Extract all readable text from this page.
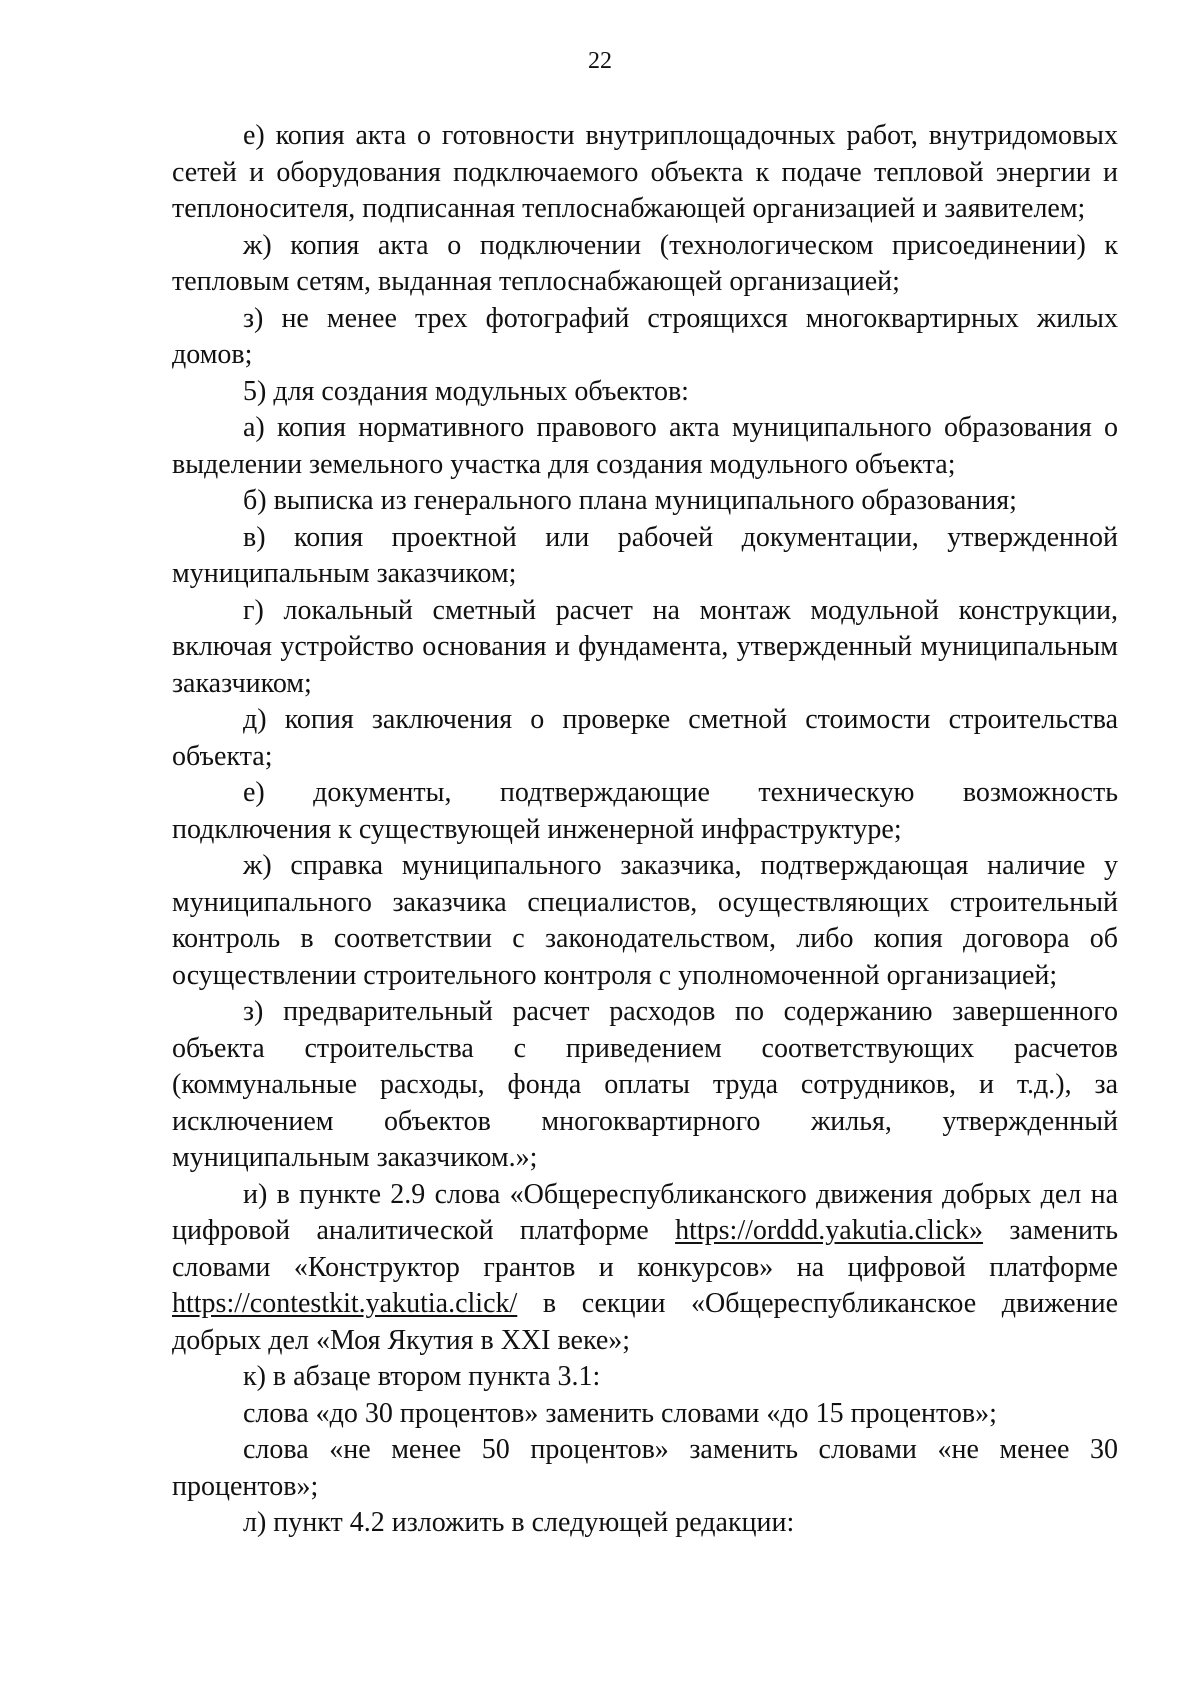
22

е) копия акта о готовности внутриплощадочных работ, внутридомовых сетей и оборудования подключаемого объекта к подаче тепловой энергии и теплоносителя, подписанная теплоснабжающей организацией и заявителем;

ж) копия акта о подключении (технологическом присоединении) к тепловым сетям, выданная теплоснабжающей организацией;

з) не менее трех фотографий строящихся многоквартирных жилых домов;

5) для создания модульных объектов:

а) копия нормативного правового акта муниципального образования о выделении земельного участка для создания модульного объекта;

б) выписка из генерального плана муниципального образования;

в) копия проектной или рабочей документации, утвержденной муниципальным заказчиком;

г) локальный сметный расчет на монтаж модульной конструкции, включая устройство основания и фундамента, утвержденный муниципальным заказчиком;

д) копия заключения о проверке сметной стоимости строительства объекта;

е) документы, подтверждающие техническую возможность подключения к существующей инженерной инфраструктуре;

ж) справка муниципального заказчика, подтверждающая наличие у муниципального заказчика специалистов, осуществляющих строительный контроль в соответствии с законодательством, либо копия договора об осуществлении строительного контроля с уполномоченной организацией;

з) предварительный расчет расходов по содержанию завершенного объекта строительства с приведением соответствующих расчетов (коммунальные расходы, фонда оплаты труда сотрудников, и т.д.), за исключением объектов многоквартирного жилья, утвержденный муниципальным заказчиком.»;

и) в пункте 2.9 слова «Общереспубликанского движения добрых дел на цифровой аналитической платформе https://orddd.yakutia.click» заменить словами «Конструктор грантов и конкурсов» на цифровой платформе https://contestkit.yakutia.click/ в секции «Общереспубликанское движение добрых дел «Моя Якутия в XXI веке»;

к) в абзаце втором пункта 3.1:

слова «до 30 процентов» заменить словами «до 15 процентов»;

слова «не менее 50 процентов» заменить словами «не менее 30 процентов»;

л) пункт 4.2 изложить в следующей редакции:
